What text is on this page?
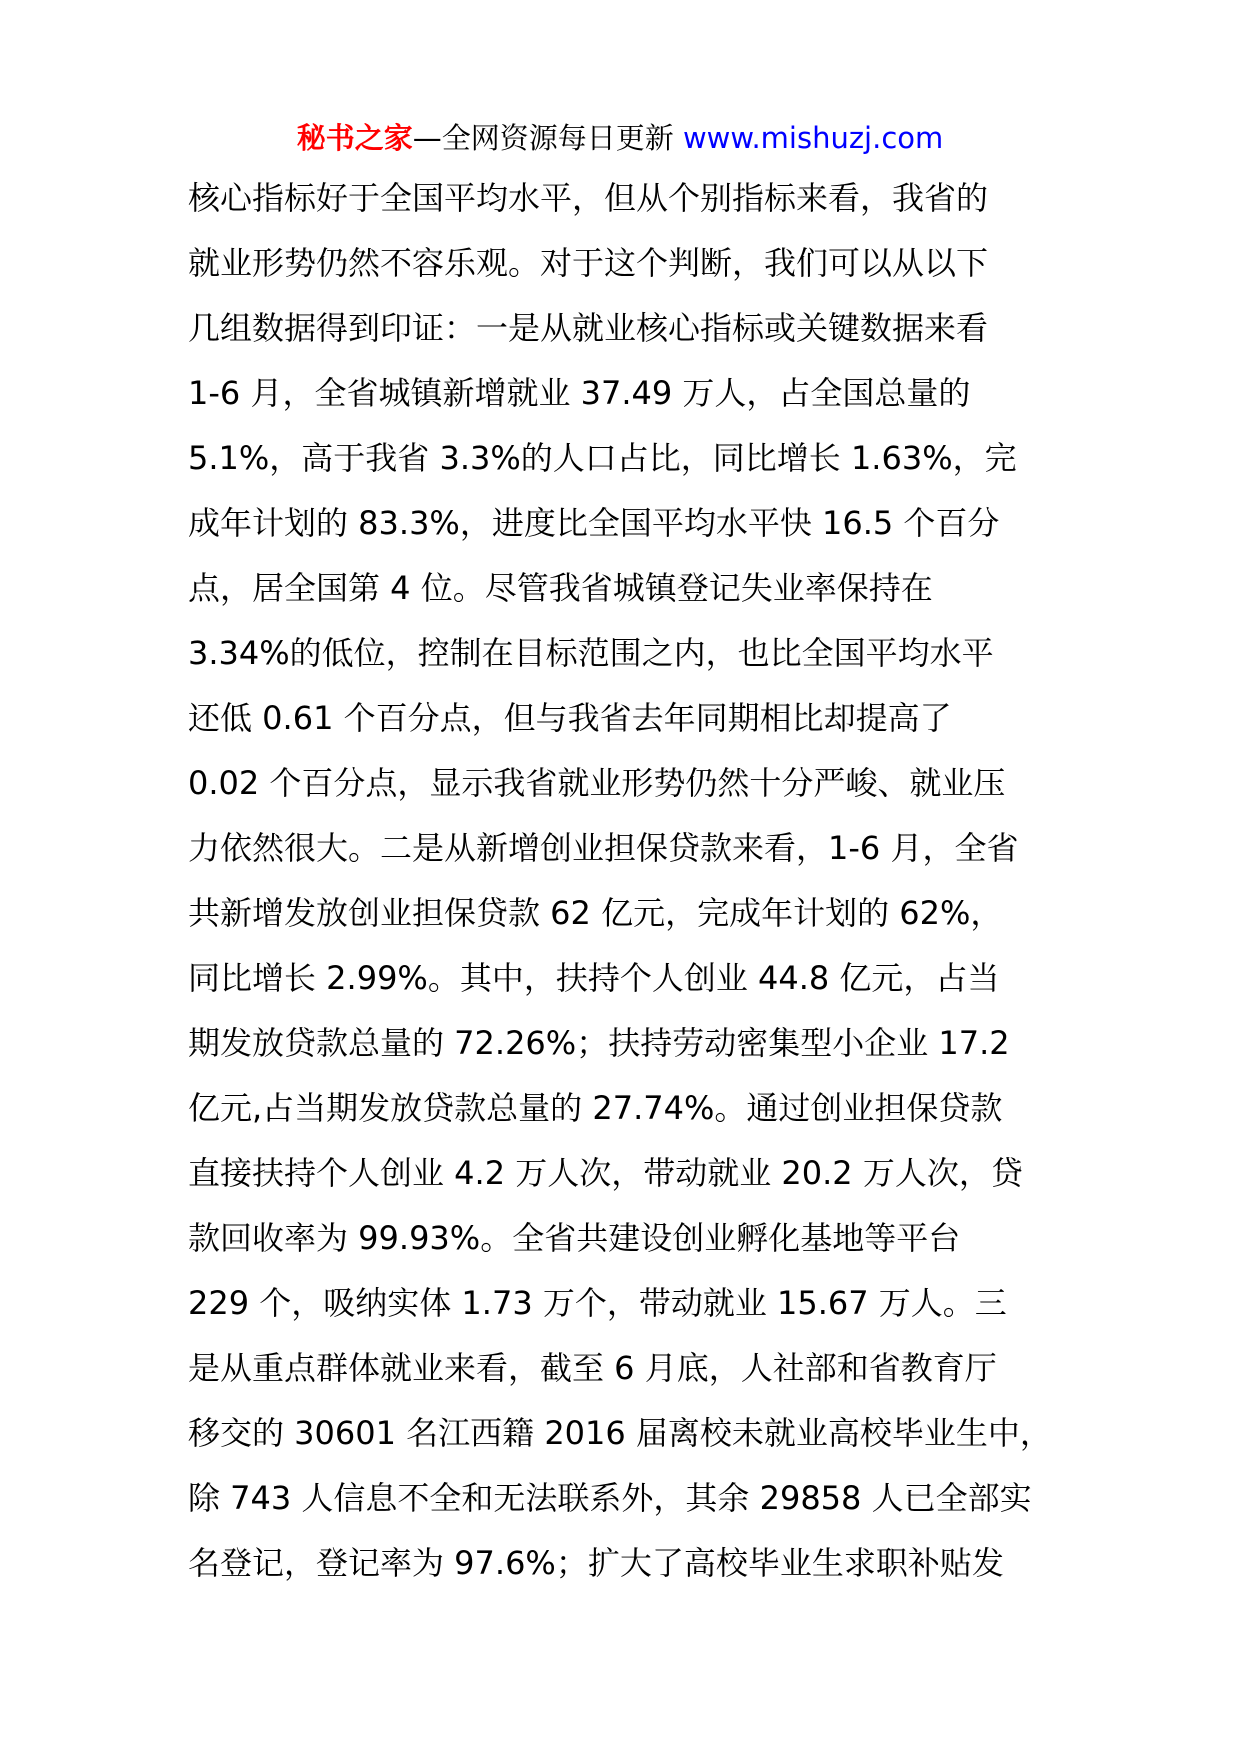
秘书之家—全网资源每日更新 www.mishuzj.com
核心指标好于全国平均水平，但从个别指标来看，我省的
就业形势仍然不容乐观。对于这个判断，我们可以从以下
几组数据得到印证：一是从就业核心指标或关键数据来看
1-6 月，全省城镇新增就业 37.49 万人，占全国总量的
5.1%，高于我省 3.3%的人口占比，同比增长 1.63%，完
成年计划的 83.3%，进度比全国平均水平快 16.5 个百分
点，居全国第 4 位。尽管我省城镇登记失业率保持在
3.34%的低位，控制在目标范围之内，也比全国平均水平
还低 0.61 个百分点，但与我省去年同期相比却提高了
0.02 个百分点，显示我省就业形势仍然十分严峻、就业压
力依然很大。二是从新增创业担保贷款来看，1-6 月，全省
共新增发放创业担保贷款 62 亿元，完成年计划的 62%，
同比增长 2.99%。其中，扶持个人创业 44.8 亿元，占当
期发放贷款总量的 72.26%；扶持劳动密集型小企业 17.2
亿元,占当期发放贷款总量的 27.74%。通过创业担保贷款
直接扶持个人创业 4.2 万人次，带动就业 20.2 万人次，贷
款回收率为 99.93%。全省共建设创业孵化基地等平台
229 个，吸纳实体 1.73 万个，带动就业 15.67 万人。三
是从重点群体就业来看，截至 6 月底，人社部和省教育厅
移交的 30601 名江西籍 2016 届离校未就业高校毕业生中，
除 743 人信息不全和无法联系外，其余 29858 人已全部实
名登记，登记率为 97.6%；扩大了高校毕业生求职补贴发
